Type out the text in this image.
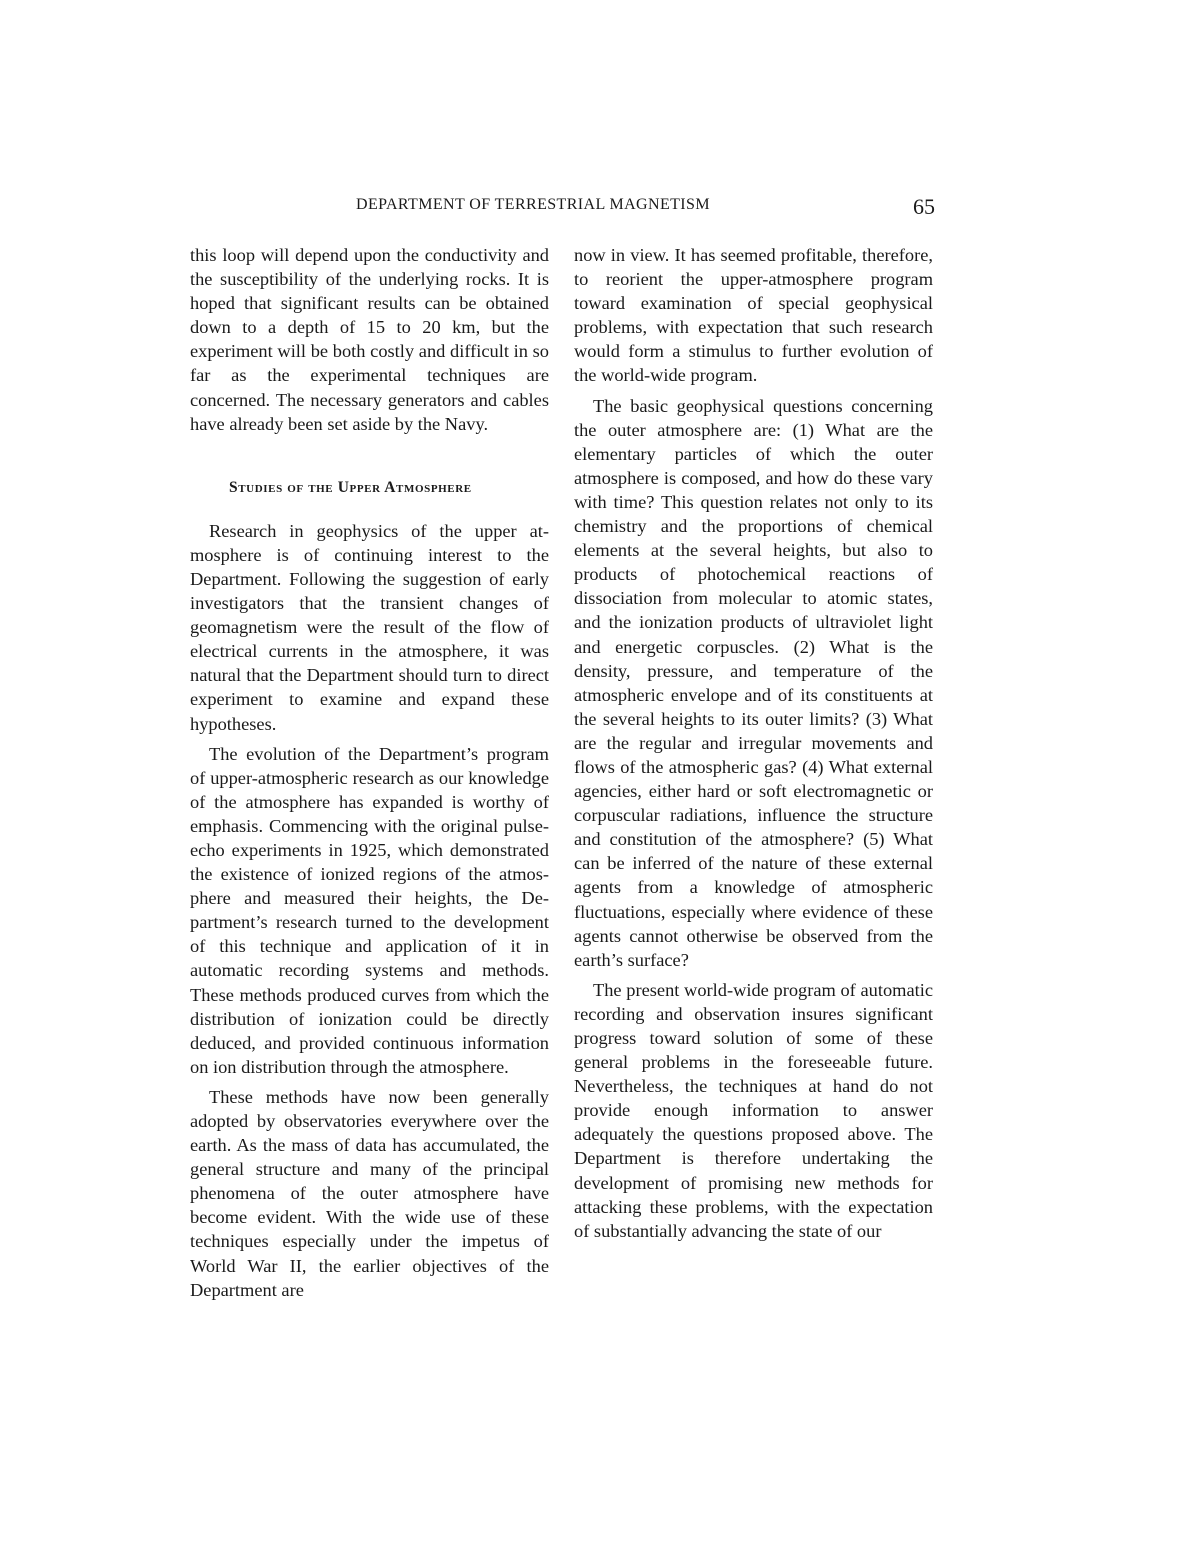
DEPARTMENT OF TERRESTRIAL MAGNETISM	65

this loop will depend upon the conductivity and the susceptibility of the underlying rocks. It is hoped that significant results can be obtained down to a depth of 15 to 20 km, but the experiment will be both costly and difficult in so far as the experimental techniques are concerned. The necessary generators and cables have already been set aside by the Navy.

Studies of the Upper Atmosphere

Research in geophysics of the upper atmosphere is of continuing interest to the Department. Following the suggestion of early investigators that the transient changes of geomagnetism were the result of the flow of electrical currents in the atmosphere, it was natural that the Department should turn to direct experiment to examine and expand these hypotheses.

The evolution of the Department’s program of upper-atmospheric research as our knowledge of the atmosphere has expanded is worthy of emphasis. Commencing with the original pulse-echo experiments in 1925, which demonstrated the existence of ionized regions of the atmosphere and measured their heights, the Department’s research turned to the development of this technique and application of it in automatic recording systems and methods. These methods produced curves from which the distribution of ionization could be directly deduced, and provided continuous information on ion distribution through the atmosphere.

These methods have now been generally adopted by observatories everywhere over the earth. As the mass of data has accumulated, the general structure and many of the principal phenomena of the outer atmosphere have become evident. With the wide use of these techniques especially under the impetus of World War II, the earlier objectives of the Department are

now in view. It has seemed profitable, therefore, to reorient the upper-atmosphere program toward examination of special geophysical problems, with expectation that such research would form a stimulus to further evolution of the world-wide program.

The basic geophysical questions concerning the outer atmosphere are: (1) What are the elementary particles of which the outer atmosphere is composed, and how do these vary with time? This question relates not only to its chemistry and the proportions of chemical elements at the several heights, but also to products of photochemical reactions of dissociation from molecular to atomic states, and the ionization products of ultraviolet light and energetic corpuscles. (2) What is the density, pressure, and temperature of the atmospheric envelope and of its constituents at the several heights to its outer limits? (3) What are the regular and irregular movements and flows of the atmospheric gas? (4) What external agencies, either hard or soft electromagnetic or corpuscular radiations, influence the structure and constitution of the atmosphere? (5) What can be inferred of the nature of these external agents from a knowledge of atmospheric fluctuations, especially where evidence of these agents cannot otherwise be observed from the earth’s surface?

The present world-wide program of automatic recording and observation insures significant progress toward solution of some of these general problems in the foreseeable future. Nevertheless, the techniques at hand do not provide enough information to answer adequately the questions proposed above. The Department is therefore undertaking the development of promising new methods for attacking these problems, with the expectation of substantially advancing the state of our
